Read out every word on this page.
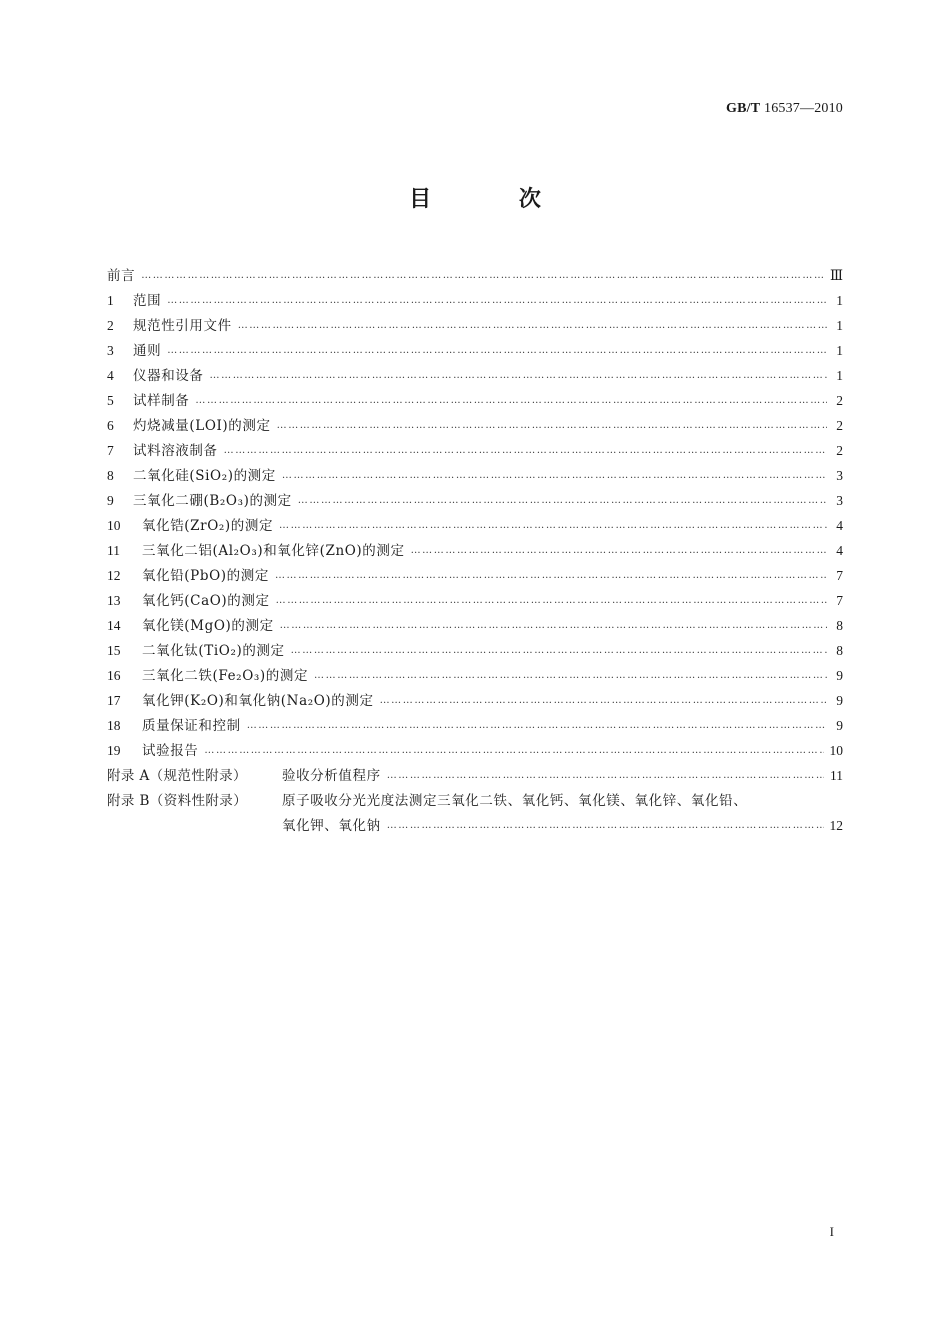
GB/T 16537—2010
目 次
前言 …………………………………………………………………………………………………………………………………………………………………………………………………………………………………	Ⅲ
1	范围 …………………………………………………………………………………………………………………………………………………………………………………………………………………………………	1
2	规范性引用文件 …………………………………………………………………………………………………………………………………………………………………………………………………………………………………	1
3	通则 …………………………………………………………………………………………………………………………………………………………………………………………………………………………………	1
4	仪器和设备 …………………………………………………………………………………………………………………………………………………………………………………………………………………………………	1
5	试样制备 …………………………………………………………………………………………………………………………………………………………………………………………………………………………………	2
6	灼烧减量(LOI)的测定 …………………………………………………………………………………………………………………………………………………………………………………………………………………………………	2
7	试料溶液制备 …………………………………………………………………………………………………………………………………………………………………………………………………………………………………	2
8	二氧化硅(SiO₂)的测定 …………………………………………………………………………………………………………………………………………………………………………………………………………………………………	3
9	三氧化二硼(B₂O₃)的测定 …………………………………………………………………………………………………………………………………………………………………………………………………………………………………	3
10	氧化锆(ZrO₂)的测定 …………………………………………………………………………………………………………………………………………………………………………………………………………………………………	4
11	三氧化二铝(Al₂O₃)和氧化锌(ZnO)的测定 …………………………………………………………………………………………………………………………………………………………………………………………………………………………………	4
12	氧化铅(PbO)的测定 …………………………………………………………………………………………………………………………………………………………………………………………………………………………………	7
13	氧化钙(CaO)的测定 …………………………………………………………………………………………………………………………………………………………………………………………………………………………………	7
14	氧化镁(MgO)的测定 …………………………………………………………………………………………………………………………………………………………………………………………………………………………………	8
15	二氧化钛(TiO₂)的测定 …………………………………………………………………………………………………………………………………………………………………………………………………………………………………	8
16	三氧化二铁(Fe₂O₃)的测定 …………………………………………………………………………………………………………………………………………………………………………………………………………………………………	9
17	氧化钾(K₂O)和氧化钠(Na₂O)的测定 …………………………………………………………………………………………………………………………………………………………………………………………………………………………………	9
18	质量保证和控制 …………………………………………………………………………………………………………………………………………………………………………………………………………………………………	9
19	试验报告 …………………………………………………………………………………………………………………………………………………………………………………………………………………………………	10
附录 A（规范性附录）	验收分析值程序 …………………………………………………………………………………………………………………………………………………………………………………………………………………………………	11
附录 B（资料性附录）	原子吸收分光光度法测定三氧化二铁、氧化钙、氧化镁、氧化锌、氧化铅、
氧化钾、氧化钠 …………………………………………………………………………………………………………………………………………………………………………………………………………………………………	12
I
